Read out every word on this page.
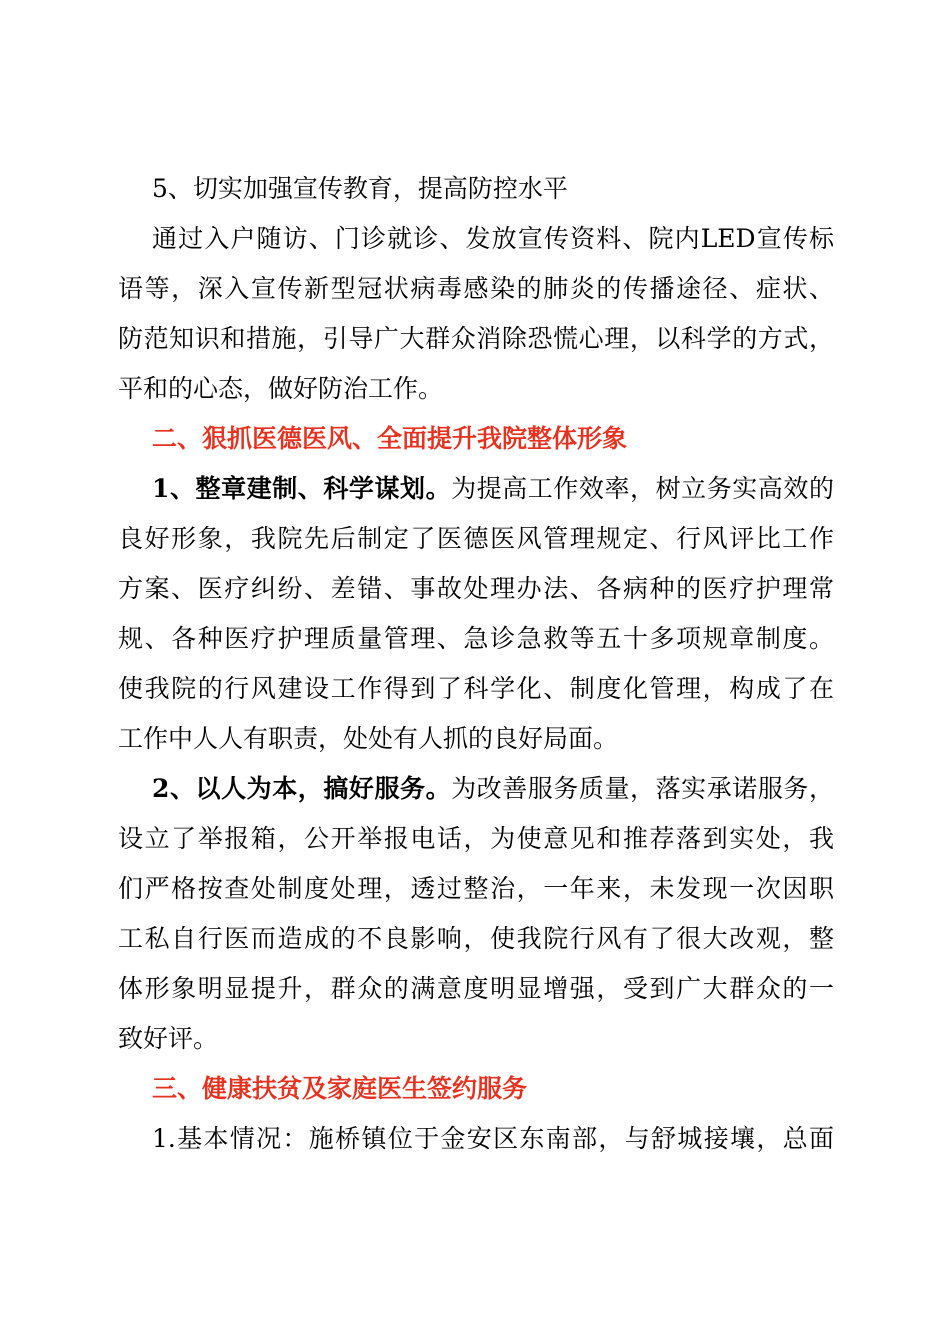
5、切实加强宣传教育，提高防控水平
通过入户随访、门诊就诊、发放宣传资料、院内LED宣传标
语等，深入宣传新型冠状病毒感染的肺炎的传播途径、症状、
防范知识和措施，引导广大群众消除恐慌心理，以科学的方式，
平和的心态，做好防治工作。
二、狠抓医德医风、全面提升我院整体形象
1、整章建制、科学谋划。为提高工作效率，树立务实高效的
良好形象，我院先后制定了医德医风管理规定、行风评比工作
方案、医疗纠纷、差错、事故处理办法、各病种的医疗护理常
规、各种医疗护理质量管理、急诊急救等五十多项规章制度。
使我院的行风建设工作得到了科学化、制度化管理，构成了在
工作中人人有职责，处处有人抓的良好局面。
2、以人为本，搞好服务。为改善服务质量，落实承诺服务，
设立了举报箱，公开举报电话，为使意见和推荐落到实处，我
们严格按查处制度处理，透过整治，一年来，未发现一次因职
工私自行医而造成的不良影响，使我院行风有了很大改观，整
体形象明显提升，群众的满意度明显增强，受到广大群众的一
致好评。
三、健康扶贫及家庭医生签约服务
1.基本情况：施桥镇位于金安区东南部，与舒城接壤，总面
